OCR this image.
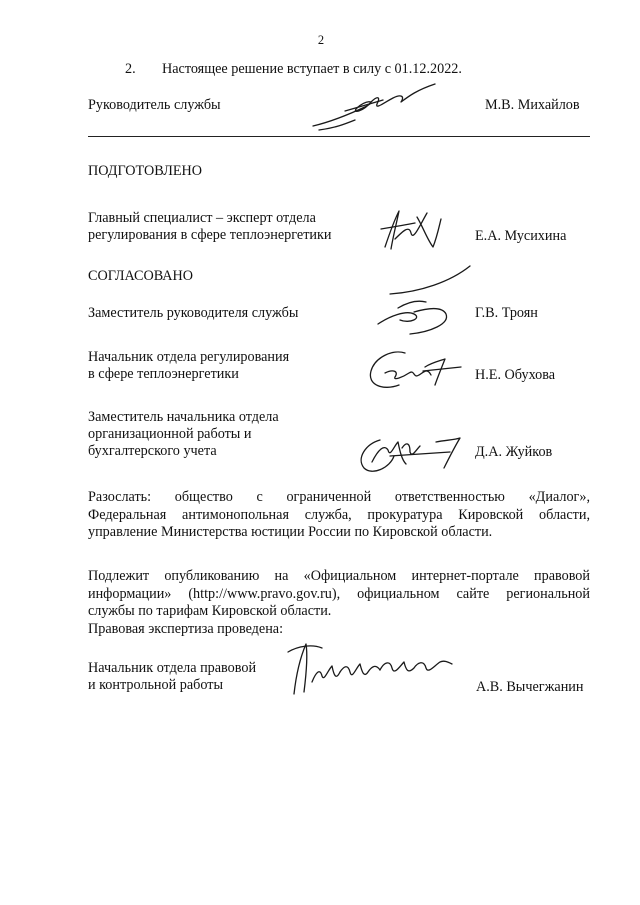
2
2. Настоящее решение вступает в силу с 01.12.2022.
Руководитель службы	М.В. Михайлов
ПОДГОТОВЛЕНО
Главный специалист – эксперт отдела
регулирования в сфере теплоэнергетики	Е.А. Мусихина
СОГЛАСОВАНО
Заместитель руководителя службы	Г.В. Троян
Начальник отдела регулирования
в сфере теплоэнергетики	Н.Е. Обухова
Заместитель начальника отдела
организационной работы и
бухгалтерского учета	Д.А. Жуйков
Разослать: общество с ограниченной ответственностью «Диалог»,
Федеральная антимонопольная служба, прокуратура Кировской области,
управление Министерства юстиции России по Кировской области.
Подлежит опубликованию на «Официальном интернет-портале правовой
информации» (http://www.pravo.gov.ru), официальном сайте региональной
службы по тарифам Кировской области.
Правовая экспертиза проведена:
Начальник отдела правовой
и контрольной работы	А.В. Вычегжанин
